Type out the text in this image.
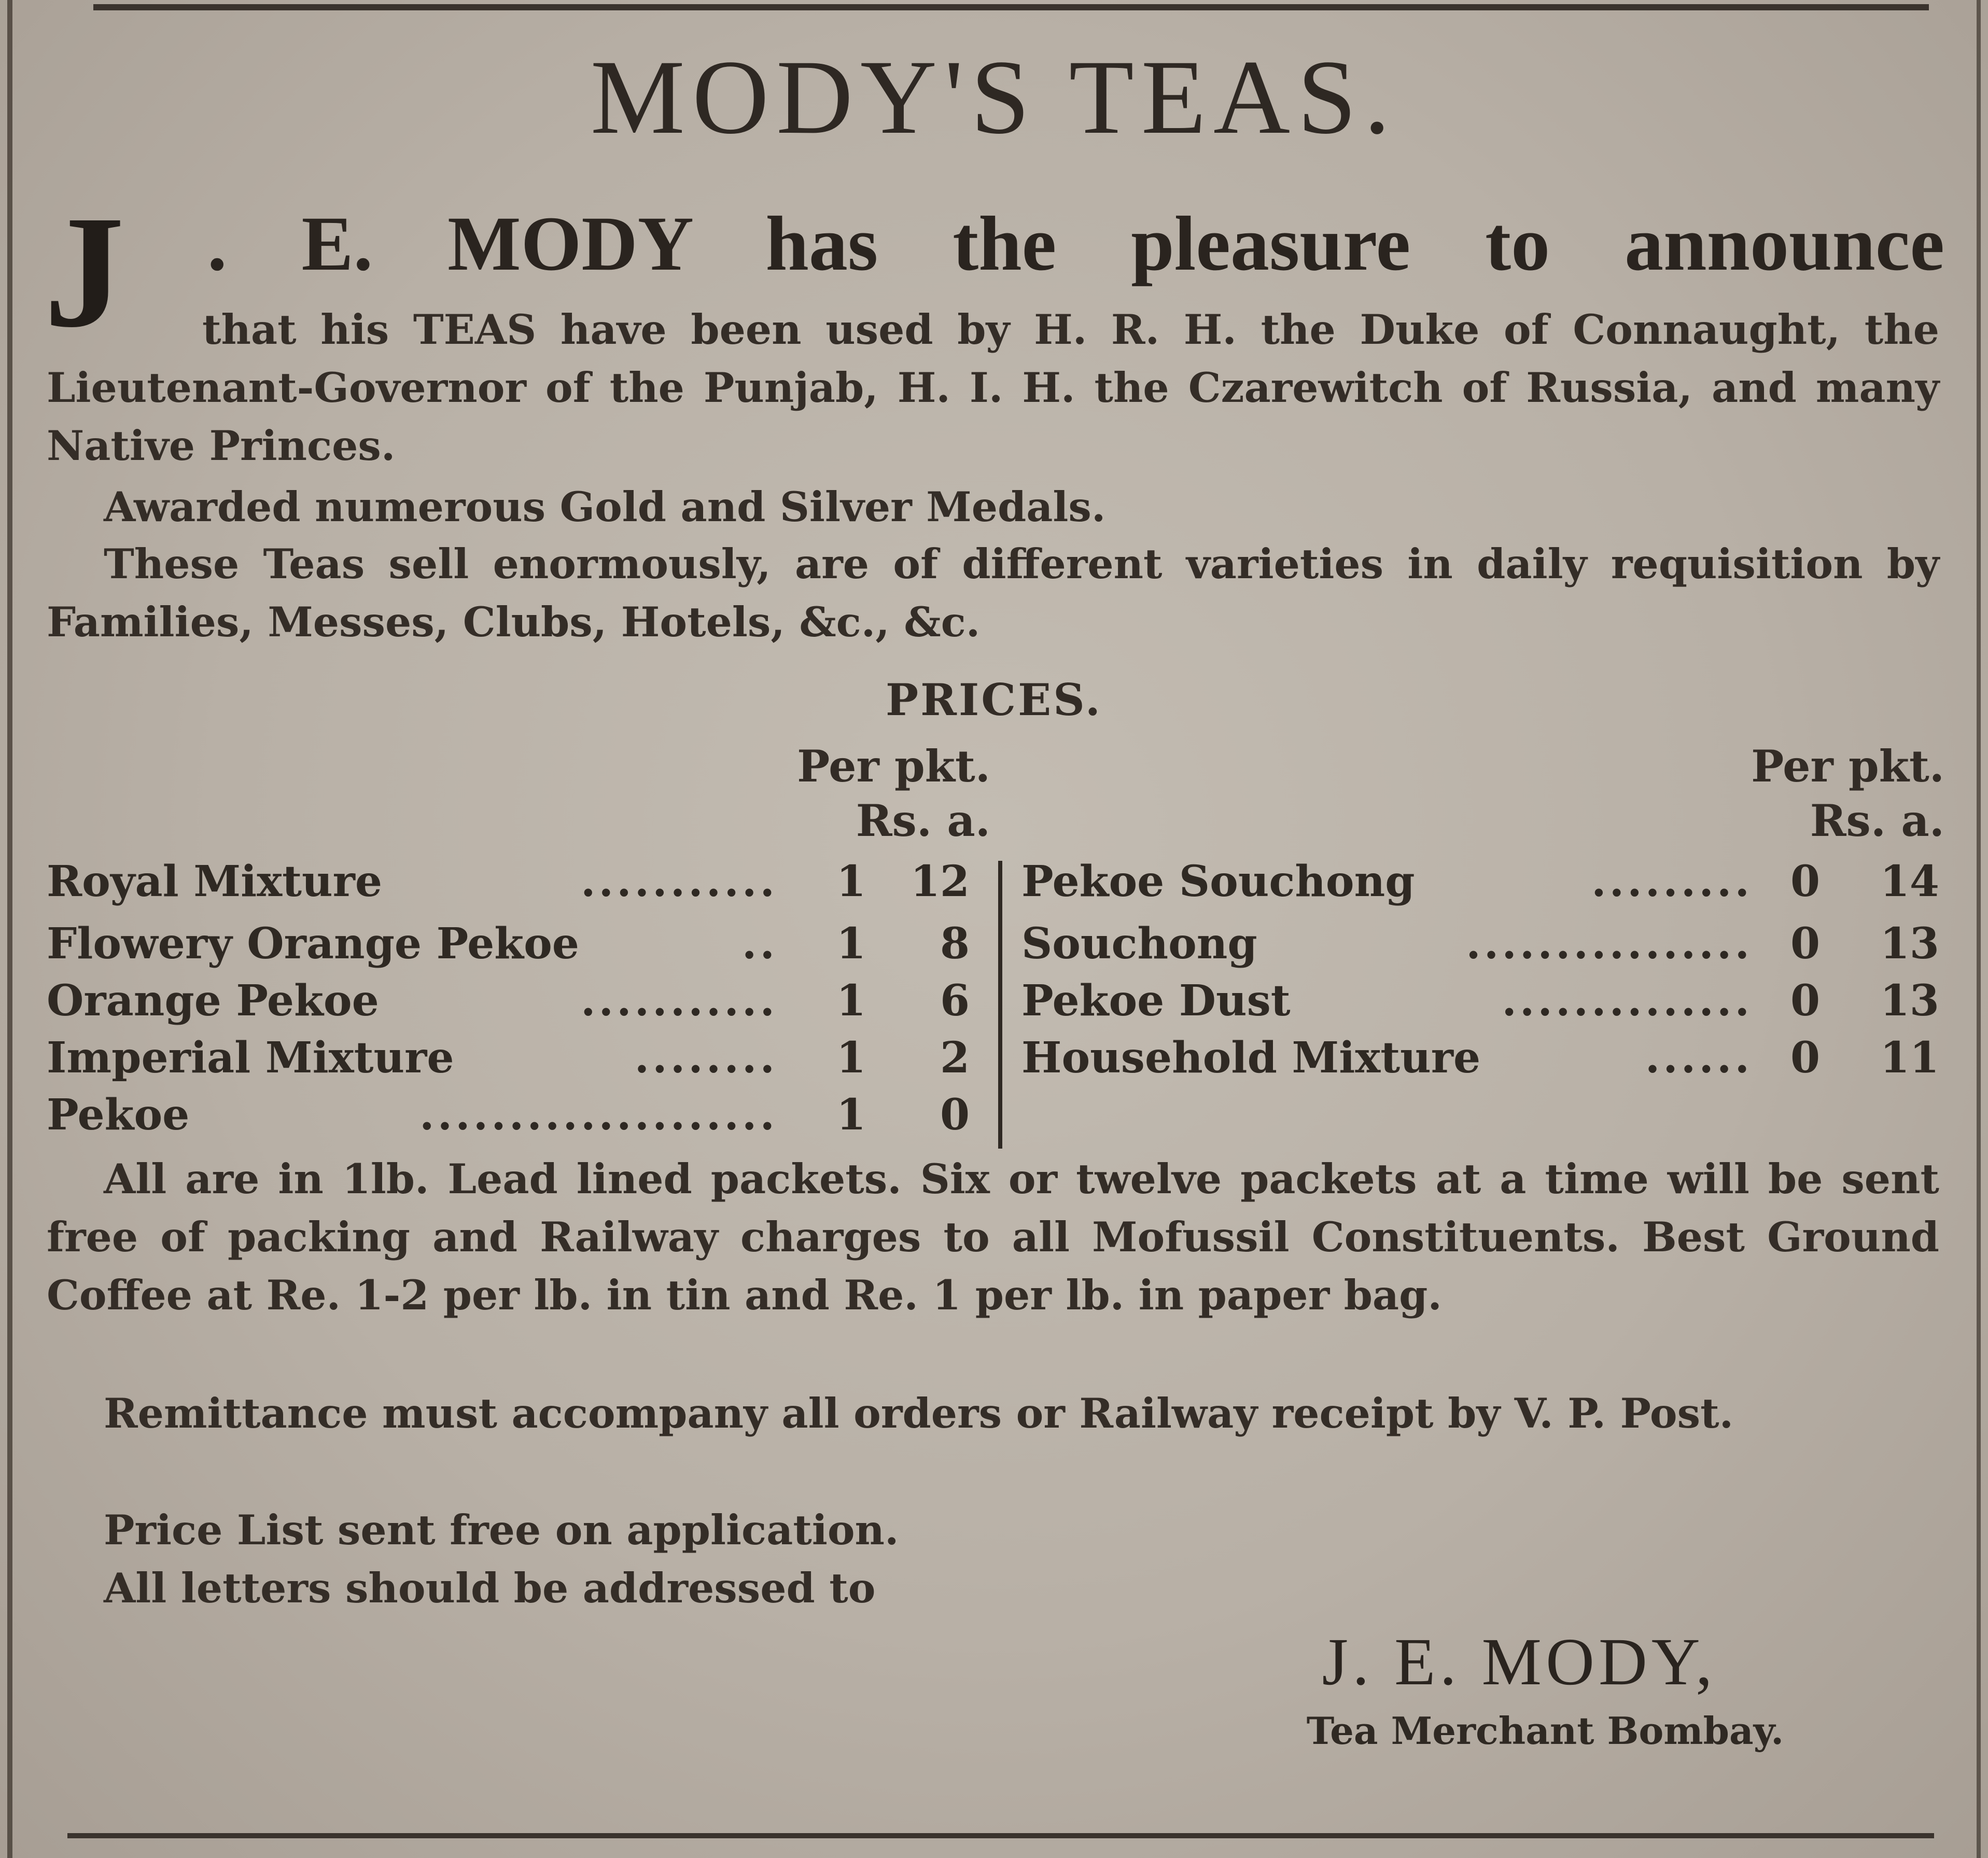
MODY'S TEAS.
J . E. MODY has the pleasure to announce
that his TEAS have been used by H. R. H. the Duke of Connaught, the Lieutenant-Governor of the Punjab, H. I. H. the Czarewitch of Russia, and many Native Princes.
Awarded numerous Gold and Silver Medals.
These Teas sell enormously, are of different varieties in daily requisition by Families, Messes, Clubs, Hotels, &c., &c.
PRICES.
Per pkt.
Rs. a.
Per pkt.
Rs. a.
Royal Mixture	...........	1	12
Flowery Orange Pekoe	..	1	8
Orange Pekoe	...........	1	6
Imperial Mixture	........	1	2
Pekoe	....................	1	0
Pekoe Souchong	......... 0	14
Souchong	................ 0	13
Pekoe Dust	.............. 0	13
Household Mixture	...... 0	11
All are in 1lb. Lead lined packets. Six or twelve packets at a time will be sent free of packing and Railway charges to all Mofussil Constituents. Best Ground Coffee at Re. 1-2 per lb. in tin and Re. 1 per lb. in paper bag.
Remittance must accompany all orders or Railway receipt by V. P. Post.
Price List sent free on application.
All letters should be addressed to
J. E. MODY,
Tea Merchant Bombay.
